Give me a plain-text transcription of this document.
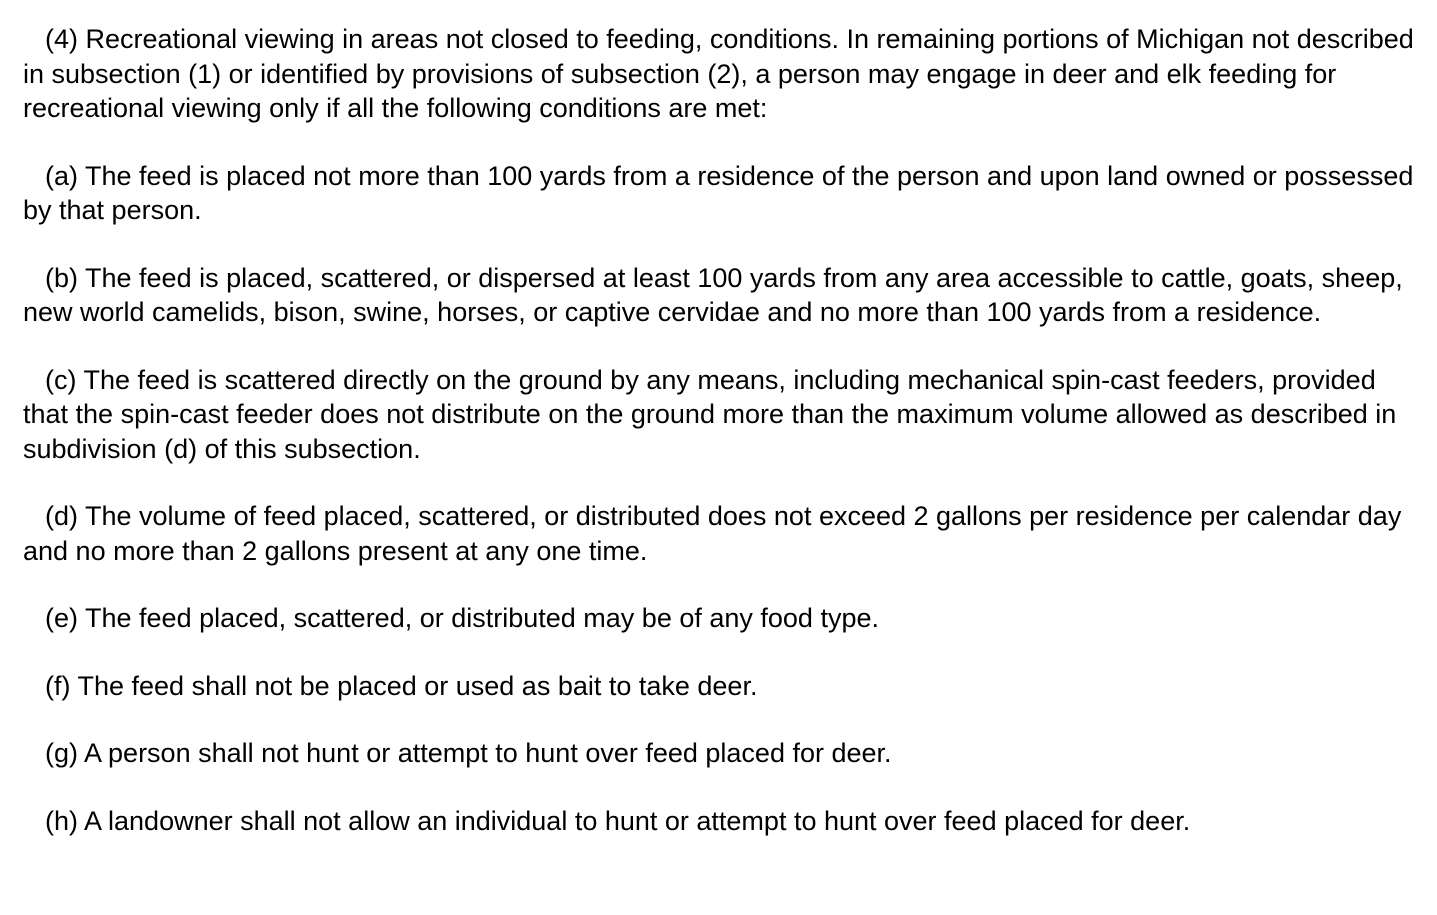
(4) Recreational viewing in areas not closed to feeding, conditions. In remaining portions of Michigan not described in subsection (1) or identified by provisions of subsection (2), a person may engage in deer and elk feeding for recreational viewing only if all the following conditions are met:

(a) The feed is placed not more than 100 yards from a residence of the person and upon land owned or possessed by that person.

(b) The feed is placed, scattered, or dispersed at least 100 yards from any area accessible to cattle, goats, sheep, new world camelids, bison, swine, horses, or captive cervidae and no more than 100 yards from a residence.

(c) The feed is scattered directly on the ground by any means, including mechanical spin-cast feeders, provided that the spin-cast feeder does not distribute on the ground more than the maximum volume allowed as described in subdivision (d) of this subsection.

(d) The volume of feed placed, scattered, or distributed does not exceed 2 gallons per residence per calendar day and no more than 2 gallons present at any one time.

(e) The feed placed, scattered, or distributed may be of any food type.

(f) The feed shall not be placed or used as bait to take deer.

(g) A person shall not hunt or attempt to hunt over feed placed for deer.

(h) A landowner shall not allow an individual to hunt or attempt to hunt over feed placed for deer.
